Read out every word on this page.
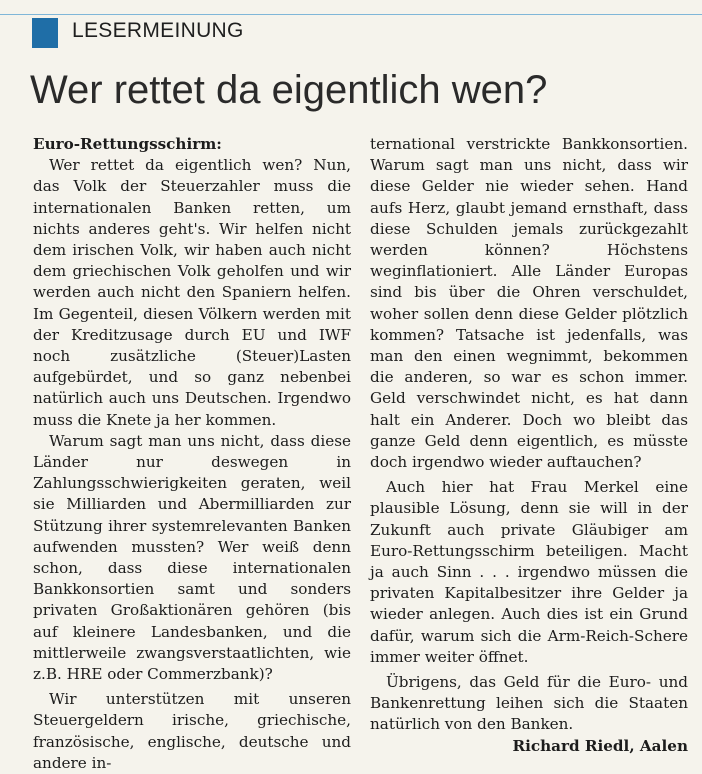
LESERMEINUNG
Wer rettet da eigentlich wen?

Euro-Rettungsschirm:

Wer rettet da eigentlich wen? Nun, das Volk der Steuerzahler muss die internationalen Banken retten, um nichts anderes geht's. Wir helfen nicht dem irischen Volk, wir haben auch nicht dem griechischen Volk geholfen und wir werden auch nicht den Spaniern helfen. Im Gegenteil, diesen Völkern werden mit der Kreditzusage durch EU und IWF noch zusätzliche (Steuer)Lasten aufgebürdet, und so ganz nebenbei natürlich auch uns Deutschen. Irgendwo muss die Knete ja her kommen.

Warum sagt man uns nicht, dass diese Länder nur deswegen in Zahlungsschwierigkeiten geraten, weil sie Milliarden und Abermilliarden zur Stützung ihrer systemrelevanten Banken aufwenden mussten? Wer weiß denn schon, dass diese internationalen Bankkonsortien samt und sonders privaten Großaktionären gehören (bis auf kleinere Landesbanken, und die mittlerweile zwangsverstaatlichten, wie z.B. HRE oder Commerzbank)?

Wir unterstützen mit unseren Steuergeldern irische, griechische, französische, englische, deutsche und andere in-

ternational verstrickte Bankkonsortien. Warum sagt man uns nicht, dass wir diese Gelder nie wieder sehen. Hand aufs Herz, glaubt jemand ernsthaft, dass diese Schulden jemals zurückgezahlt werden können? Höchstens weginflationiert. Alle Länder Europas sind bis über die Ohren verschuldet, woher sollen denn diese Gelder plötzlich kommen? Tatsache ist jedenfalls, was man den einen wegnimmt, bekommen die anderen, so war es schon immer. Geld verschwindet nicht, es hat dann halt ein Anderer. Doch wo bleibt das ganze Geld denn eigentlich, es müsste doch irgendwo wieder auftauchen?

Auch hier hat Frau Merkel eine plausible Lösung, denn sie will in der Zukunft auch private Gläubiger am Euro-Rettungsschirm beteiligen. Macht ja auch Sinn . . . irgendwo müssen die privaten Kapitalbesitzer ihre Gelder ja wieder anlegen. Auch dies ist ein Grund dafür, warum sich die Arm-Reich-Schere immer weiter öffnet.

Übrigens, das Geld für die Euro- und Bankenrettung leihen sich die Staaten natürlich von den Banken.

Richard Riedl, Aalen
